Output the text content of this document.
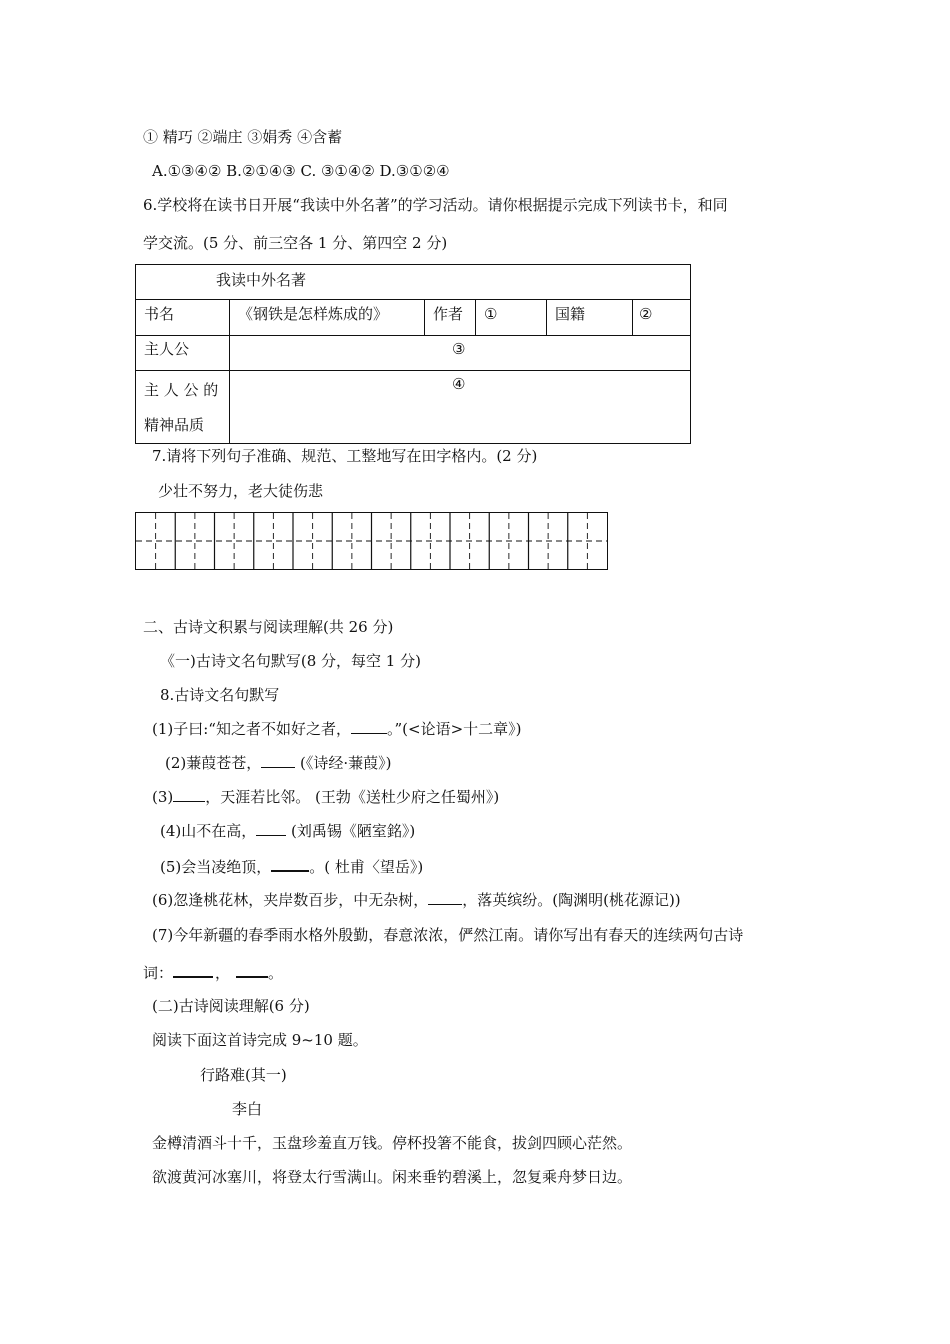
① 精巧 ②端庄 ③娟秀 ④含蓄
A.①③④② B.②①④③ C. ③①④② D.③①②④
6.学校将在读书日开展“我读中外名著”的学习活动。请你根据提示完成下列读书卡，和同
学交流。(5 分、前三空各 1 分、第四空 2 分)
我读中外名著					
书名	《钢铁是怎样炼成的》	作者	①	国籍	②
主人公	③				
主 人 公 的
精神品质	④				
7.请将下列句子准确、规范、工整地写在田字格内。(2 分)
少壮不努力，老大徒伤悲
二、古诗文积累与阅读理解(共 26 分)
《一)古诗文名句默写(8 分，每空 1 分)
8.古诗文名句默写
(1)子曰:“知之者不如好之者， 。”(<论语>十二章》)
(2)蒹葭苍苍， (《诗经·蒹葭》)
(3) ，天涯若比邻。 (王勃《送杜少府之任蜀州》)
(4)山不在高， (刘禹锡《陋室銘》)
(5)会当凌绝顶，	。( 杜甫〈望岳》)
(6)忽逢桃花林，夹岸数百步，中无杂树， ，落英缤纷。(陶渊明(桃花源记))
(7)今年新疆的春季雨水格外殷勤，春意浓浓，俨然江南。请你写出有春天的连续两句古诗
词：	，	。
(二)古诗阅读理解(6 分)
阅读下面这首诗完成 9~10 题。
行路难(其一)
李白
金樽清酒斗十千，玉盘珍羞直万钱。停杯投箸不能食，拔剑四顾心茫然。
欲渡黄河冰塞川，将登太行雪满山。闲来垂钓碧溪上，忽复乘舟梦日边。
